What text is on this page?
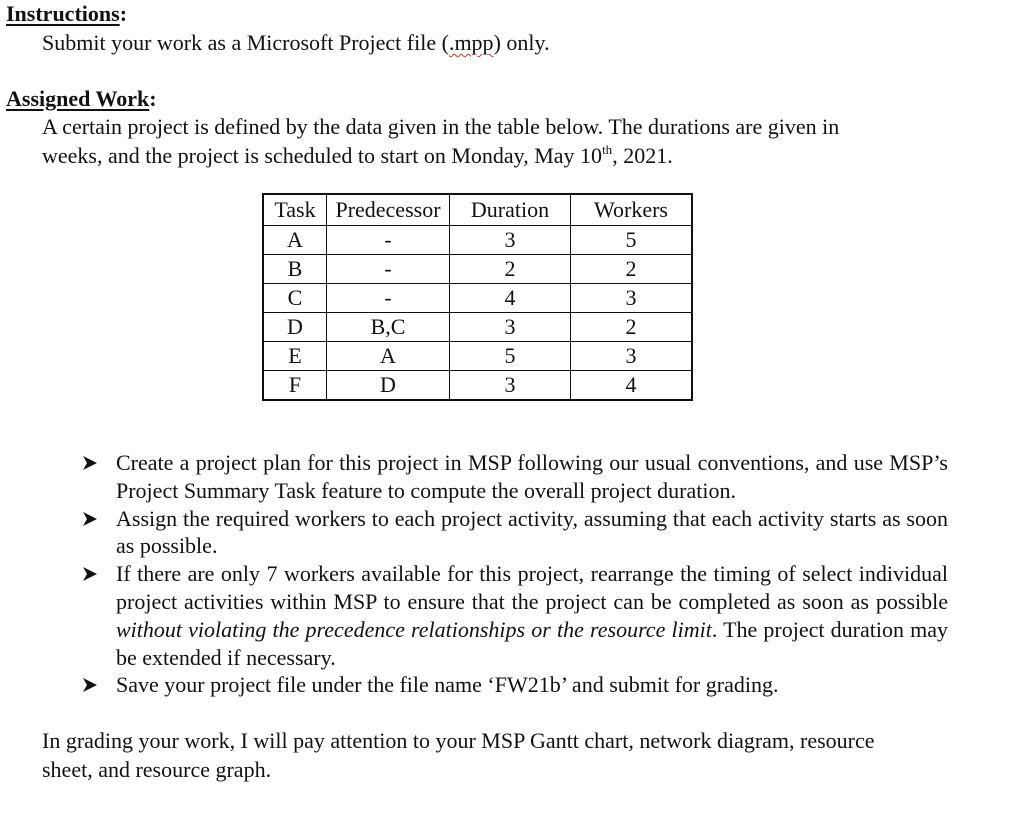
Instructions:

Submit your work as a Microsoft Project file (.mpp) only.

Assigned Work:

A certain project is defined by the data given in the table below. The durations are given in

weeks, and the project is scheduled to start on Monday, May 10th, 2021.

Task	Predecessor	Duration	Workers
A	-	3	5
B	-	2	2
C	-	4	3
D	B,C	3	2
E	A	5	3
F	D	3	4
Create a project plan for this project in MSP following our usual conventions, and use MSP’s Project Summary Task feature to compute the overall project duration.
Assign the required workers to each project activity, assuming that each activity starts as soon as possible.
If there are only 7 workers available for this project, rearrange the timing of select individual project activities within MSP to ensure that the project can be completed as soon as possible without violating the precedence relationships or the resource limit. The project duration may be extended if necessary.
Save your project file under the file name ‘FW21b’ and submit for grading.

In grading your work, I will pay attention to your MSP Gantt chart, network diagram, resource

sheet, and resource graph.
